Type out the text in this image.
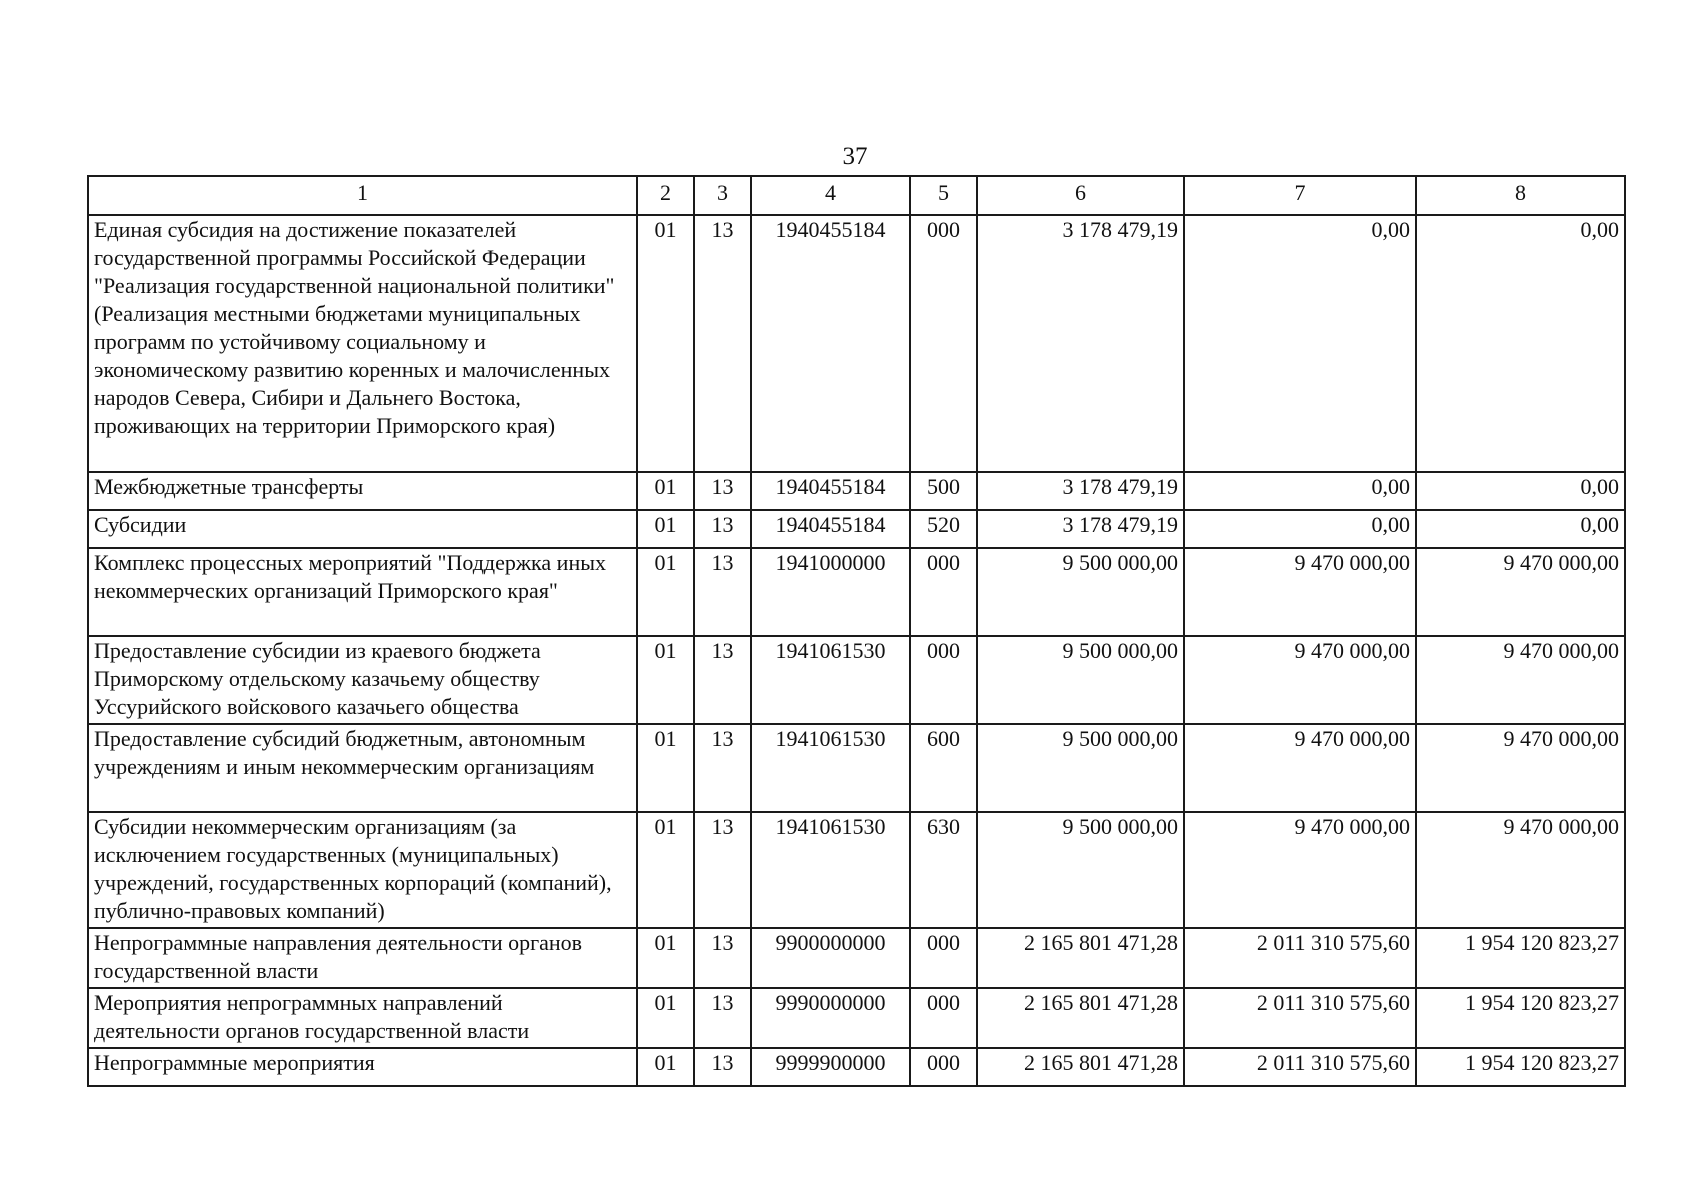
37
1	2	3	4	5	6	7	8
Единая субсидия на достижение показателей государственной программы Российской Федерации "Реализация государственной национальной политики" (Реализация местными бюджетами муниципальных программ по устойчивому социальному и экономическому развитию коренных и малочисленных народов Севера, Сибири и Дальнего Востока, проживающих на территории Приморского края)	01	13	1940455184	000	3 178 479,19	0,00	0,00
Межбюджетные трансферты	01	13	1940455184	500	3 178 479,19	0,00	0,00
Субсидии	01	13	1940455184	520	3 178 479,19	0,00	0,00
Комплекс процессных мероприятий "Поддержка иных некоммерческих организаций Приморского края"	01	13	1941000000	000	9 500 000,00	9 470 000,00	9 470 000,00
Предоставление субсидии из краевого бюджета Приморскому отдельскому казачьему обществу Уссурийского войскового казачьего общества	01	13	1941061530	000	9 500 000,00	9 470 000,00	9 470 000,00
Предоставление субсидий бюджетным, автономным учреждениям и иным некоммерческим организациям	01	13	1941061530	600	9 500 000,00	9 470 000,00	9 470 000,00
Субсидии некоммерческим организациям (за исключением государственных (муниципальных) учреждений, государственных корпораций (компаний), публично-правовых компаний)	01	13	1941061530	630	9 500 000,00	9 470 000,00	9 470 000,00
Непрограммные направления деятельности органов государственной власти	01	13	9900000000	000	2 165 801 471,28	2 011 310 575,60	1 954 120 823,27
Мероприятия непрограммных направлений деятельности органов государственной власти	01	13	9990000000	000	2 165 801 471,28	2 011 310 575,60	1 954 120 823,27
Непрограммные мероприятия	01	13	9999900000	000	2 165 801 471,28	2 011 310 575,60	1 954 120 823,27
